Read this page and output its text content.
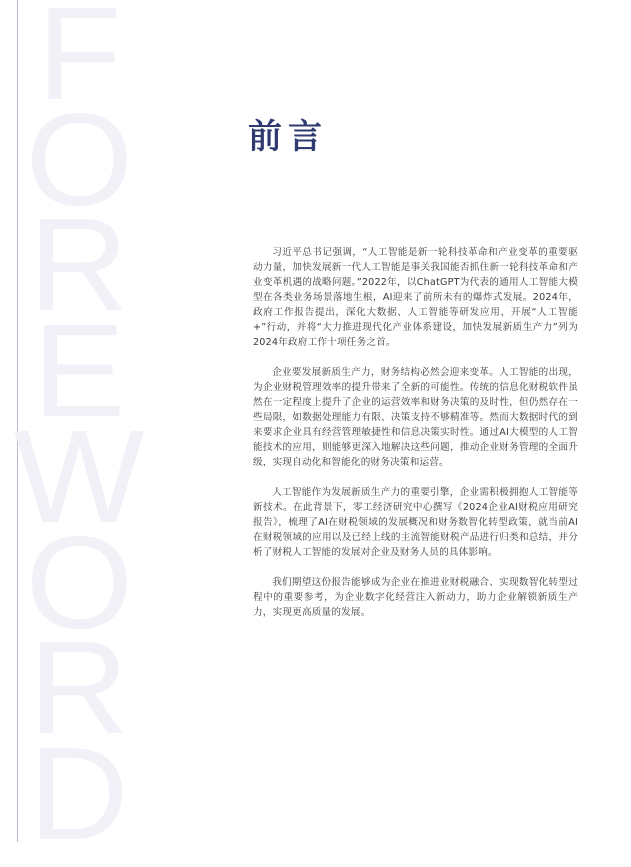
F
O
R
E
W
O
R
D
前言

习近平总书记强调，“人工智能是新一轮科技革命和产业变革的重要驱动力量，加快发展新一代人工智能是事关我国能否抓住新一轮科技革命和产业变革机遇的战略问题。”2022年，以ChatGPT为代表的通用人工智能大模型在各类业务场景落地生根，AI迎来了前所未有的爆炸式发展。2024年，政府工作报告提出，深化大数据、人工智能等研发应用，开展“人工智能+”行动，并将“大力推进现代化产业体系建设，加快发展新质生产力”列为2024年政府工作十项任务之首。

企业要发展新质生产力，财务结构必然会迎来变革。人工智能的出现，为企业财税管理效率的提升带来了全新的可能性。传统的信息化财税软件虽然在一定程度上提升了企业的运营效率和财务决策的及时性，但仍然存在一些局限，如数据处理能力有限、决策支持不够精准等。然而大数据时代的到来要求企业具有经营管理敏捷性和信息决策实时性。通过AI大模型的人工智能技术的应用，则能够更深入地解决这些问题，推动企业财务管理的全面升级，实现自动化和智能化的财务决策和运营。

人工智能作为发展新质生产力的重要引擎，企业需积极拥抱人工智能等新技术。在此背景下，零工经济研究中心撰写《2024企业AI财税应用研究报告》，梳理了AI在财税领域的发展概况和财务数智化转型政策，就当前AI在财税领域的应用以及已经上线的主流智能财税产品进行归类和总结，并分析了财税人工智能的发展对企业及财务人员的具体影响。

我们期望这份报告能够成为企业在推进业财税融合、实现数智化转型过程中的重要参考，为企业数字化经营注入新动力，助力企业解锁新质生产力，实现更高质量的发展。
